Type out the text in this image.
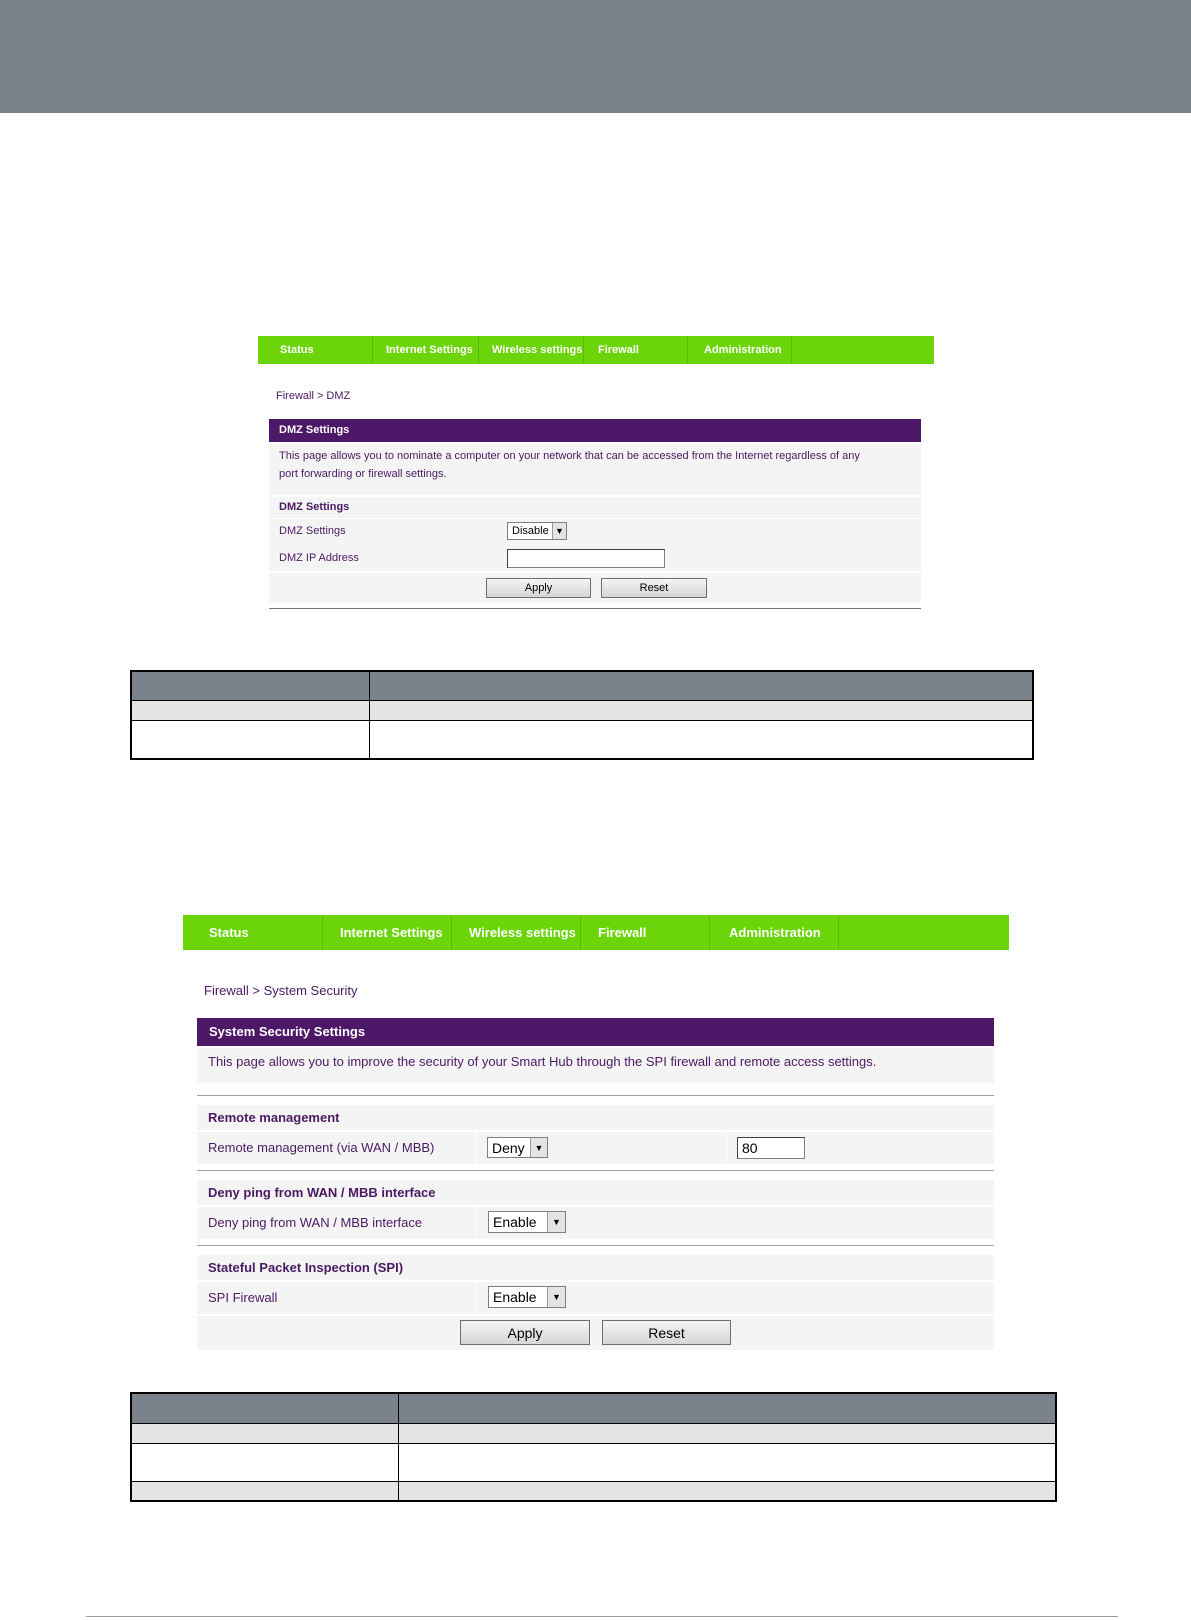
Status	Internet Settings	Wireless settings	Firewall	Administration
Firewall > DMZ
DMZ Settings
This page allows you to nominate a computer on your network that can be accessed from the Internet regardless of any port forwarding or firewall settings.
DMZ Settings
DMZ Settings	Disable ▼
DMZ IP Address
Apply	Reset
Status	Internet Settings	Wireless settings	Firewall	Administration
Firewall > System Security
System Security Settings
This page allows you to improve the security of your Smart Hub through the SPI firewall and remote access settings.
Remote management
Remote management (via WAN / MBB)	Deny	▼	80
Deny ping from WAN / MBB interface
Deny ping from WAN / MBB interface	Enable	▼
Stateful Packet Inspection (SPI)
SPI Firewall	Enable	▼
Apply	Reset
